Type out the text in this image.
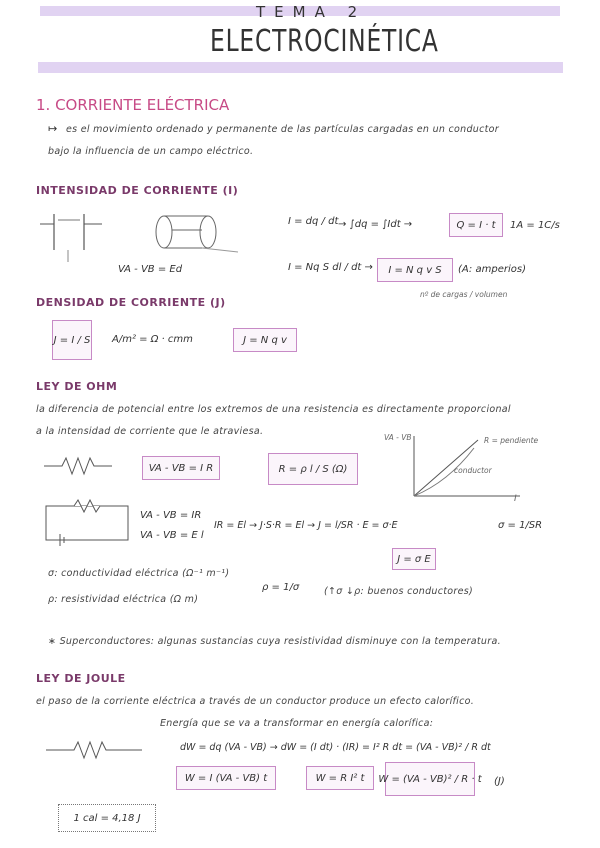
TEMA 2
ELECTROCINÉTICA
1. CORRIENTE ELÉCTRICA
↦ es el movimiento ordenado y permanente de las partículas cargadas en un conductor
bajo la influencia de un campo eléctrico.
INTENSIDAD DE CORRIENTE (I)
VA - VB = Ed
I = dq / dt → ∫dq = ∫Idt →	Q = I · t	1A = 1C/s
I = Nq S dl / dt →	I = N q v S	(A: amperios)
nº de cargas / volumen
DENSIDAD DE CORRIENTE (J)
J = I / S A/m² = Ω · cmm	J = N q v
LEY DE OHM
la diferencia de potencial entre los extremos de una resistencia es directamente proporcional
a la intensidad de corriente que le atraviesa.
VA - VB = I R	R = ρ l / S (Ω)
VA - VB
I
R = pendiente
conductor
VA - VB = IR
VA - VB = E l
IR = El → J·S·R = El → J = l/SR · E = σ·E	σ = 1/SR
J = σ E
σ: conductividad eléctrica (Ω⁻¹ m⁻¹)
ρ: resistividad eléctrica (Ω m)
ρ = 1/σ	(↑σ ↓ρ: buenos conductores)
∗ Superconductores: algunas sustancias cuya resistividad disminuye con la temperatura.
LEY DE JOULE
el paso de la corriente eléctrica a través de un conductor produce un efecto calorífico.
Energía que se va a transformar en energía calorífica:
dW = dq (VA - VB) → dW = (I dt) · (IR) = I² R dt = (VA - VB)² / R dt
W = I (VA - VB) t	W = R I² t	W = (VA - VB)² / R · t (J)
1 cal = 4,18 J
